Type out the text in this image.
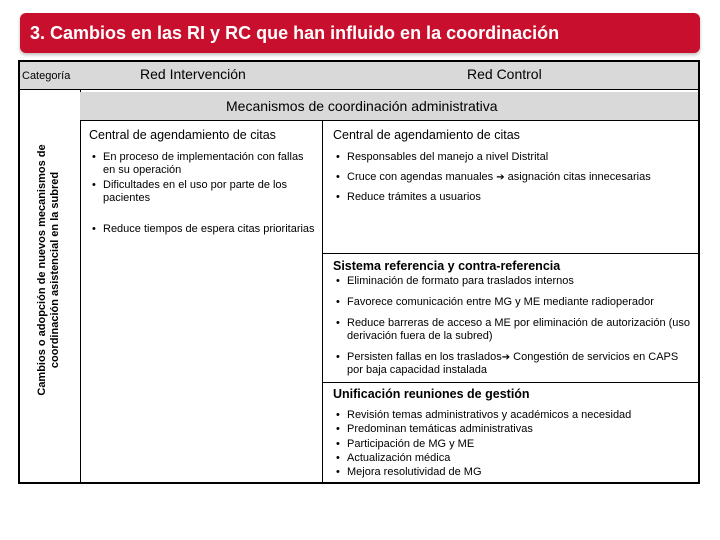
3. Cambios en las RI y RC que han influido en la coordinación
Categoría	Red Intervención	Red Control
Mecanismos de coordinación administrativa
Cambios o adopción de nuevos mecanismos de coordinación asistencial en la subred
Central de agendamiento de citas
• En proceso de implementación con fallas en su operación
• Dificultades en el uso por parte de los pacientes
• Reduce tiempos de espera citas prioritarias
Central de agendamiento de citas
• Responsables del manejo a nivel Distrital
• Cruce con agendas manuales ➔ asignación citas innecesarias
• Reduce trámites a usuarios
Sistema referencia y contra-referencia
• Eliminación de formato para traslados internos
• Favorece comunicación entre MG y ME mediante radioperador
• Reduce barreras de acceso a ME por eliminación de autorización (uso derivación fuera de la subred)
• Persisten fallas en los traslados➔ Congestión de servicios en CAPS por baja capacidad instalada
Unificación reuniones de gestión
• Revisión temas administrativos y académicos a necesidad
• Predominan temáticas administrativas
• Participación de MG y ME
• Actualización médica
• Mejora resolutividad de MG
